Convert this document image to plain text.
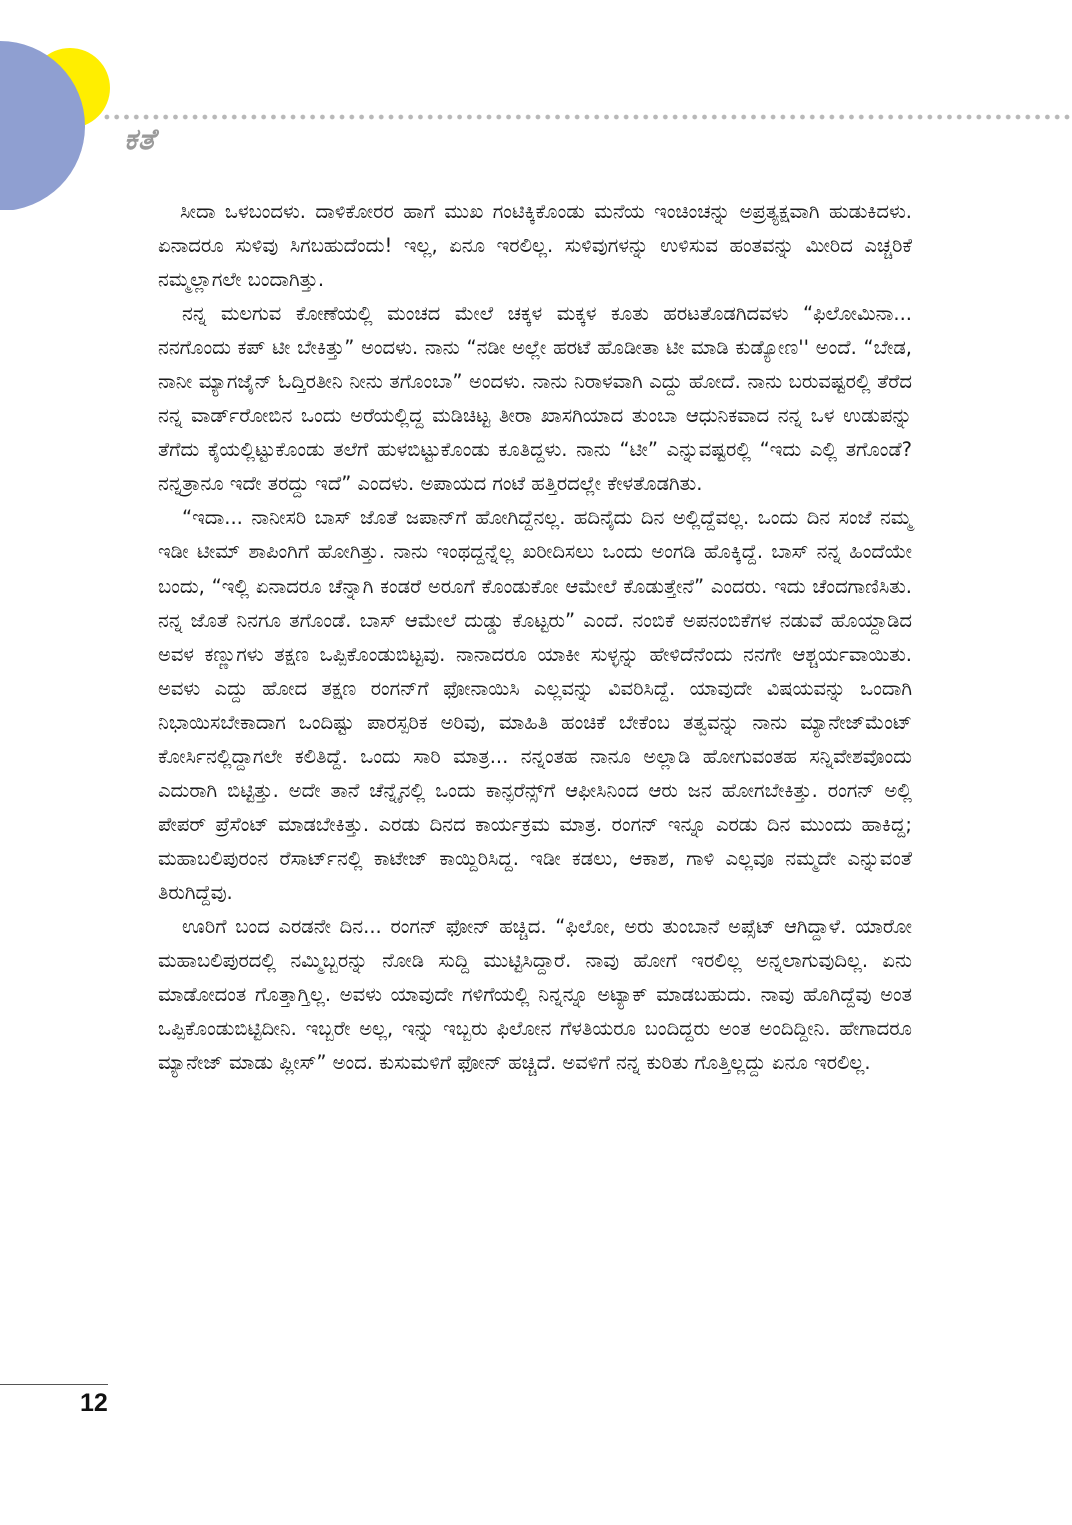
ಕತೆ

ಸೀದಾ ಒಳಬಂದಳು. ದಾಳಿಕೋರರ ಹಾಗೆ ಮುಖ ಗಂಟಿಕ್ಕಿಕೊಂಡು ಮನೆಯ ಇಂಚಿಂಚನ್ನು ಅಪ್ರತ್ಯಕ್ಷವಾಗಿ ಹುಡುಕಿದಳು. ಏನಾದರೂ ಸುಳಿವು ಸಿಗಬಹುದೆಂದು! ಇಲ್ಲ, ಏನೂ ಇರಲಿಲ್ಲ. ಸುಳಿವುಗಳನ್ನು ಉಳಿಸುವ ಹಂತವನ್ನು ಮೀರಿದ ಎಚ್ಚರಿಕೆ ನಮ್ಮಲ್ಲಾಗಲೇ ಬಂದಾಗಿತ್ತು.

ನನ್ನ ಮಲಗುವ ಕೋಣೆಯಲ್ಲಿ ಮಂಚದ ಮೇಲೆ ಚಕ್ಕಳ ಮಕ್ಕಳ ಕೂತು ಹರಟತೊಡಗಿದವಳು “ಫಿಲೋಮಿನಾ... ನನಗೊಂದು ಕಪ್ ಟೀ ಬೇಕಿತ್ತು” ಅಂದಳು. ನಾನು “ನಡೀ ಅಲ್ಲೇ ಹರಟೆ ಹೊಡೀತಾ ಟೀ ಮಾಡಿ ಕುಡ್ಯೋಣ'' ಅಂದೆ. “ಬೇಡ, ನಾನೀ ಮ್ಯಾಗಜೈನ್ ಓದ್ತಿರತೀನಿ ನೀನು ತಗೊಂಬಾ” ಅಂದಳು. ನಾನು ನಿರಾಳವಾಗಿ ಎದ್ದು ಹೋದೆ. ನಾನು ಬರುವಷ್ಟರಲ್ಲಿ ತೆರೆದ ನನ್ನ ವಾರ್ಡ್‌ರೋಬಿನ ಒಂದು ಅರೆಯಲ್ಲಿದ್ದ ಮಡಿಚಿಟ್ಟ ತೀರಾ ಖಾಸಗಿಯಾದ ತುಂಬಾ ಆಧುನಿಕವಾದ ನನ್ನ ಒಳ ಉಡುಪನ್ನು ತೆಗೆದು ಕೈಯಲ್ಲಿಟ್ಟುಕೊಂಡು ತಲೆಗೆ ಹುಳಬಿಟ್ಟುಕೊಂಡು ಕೂತಿದ್ದಳು. ನಾನು “ಟೀ” ಎನ್ನುವಷ್ಟರಲ್ಲಿ “ಇದು ಎಲ್ಲಿ ತಗೊಂಡೆ? ನನ್ನತ್ರಾನೂ ಇದೇ ತರದ್ದು ಇದೆ” ಎಂದಳು. ಅಪಾಯದ ಗಂಟೆ ಹತ್ತಿರದಲ್ಲೇ ಕೇಳತೊಡಗಿತು.

“ಇದಾ... ನಾನೀಸರಿ ಬಾಸ್ ಜೊತೆ ಜಪಾನ್‌ಗೆ ಹೋಗಿದ್ದೆನಲ್ಲ. ಹದಿನೈದು ದಿನ ಅಲ್ಲಿದ್ದೆವಲ್ಲ. ಒಂದು ದಿನ ಸಂಜೆ ನಮ್ಮ ಇಡೀ ಟೀಮ್ ಶಾಪಿಂಗಿಗೆ ಹೋಗಿತ್ತು. ನಾನು ಇಂಥದ್ದನ್ನೆಲ್ಲ ಖರೀದಿಸಲು ಒಂದು ಅಂಗಡಿ ಹೊಕ್ಕಿದ್ದೆ. ಬಾಸ್ ನನ್ನ ಹಿಂದೆಯೇ ಬಂದು, “ಇಲ್ಲಿ ಏನಾದರೂ ಚೆನ್ನಾಗಿ ಕಂಡರೆ ಅರೂಗೆ ಕೊಂಡುಕೋ ಆಮೇಲೆ ಕೊಡುತ್ತೇನೆ” ಎಂದರು. ಇದು ಚೆಂದಗಾಣಿಸಿತು. ನನ್ನ ಜೊತೆ ನಿನಗೂ ತಗೊಂಡೆ. ಬಾಸ್ ಆಮೇಲೆ ದುಡ್ಡು ಕೊಟ್ಟರು” ಎಂದೆ. ನಂಬಿಕೆ ಅಪನಂಬಿಕೆಗಳ ನಡುವೆ ಹೊಯ್ದಾಡಿದ ಅವಳ ಕಣ್ಣುಗಳು ತಕ್ಷಣ ಒಪ್ಪಿಕೊಂಡುಬಿಟ್ಟವು. ನಾನಾದರೂ ಯಾಕೀ ಸುಳ್ಳನ್ನು ಹೇಳಿದೆನೆಂದು ನನಗೇ ಆಶ್ಚರ್ಯವಾಯಿತು. ಅವಳು ಎದ್ದು ಹೋದ ತಕ್ಷಣ ರಂಗನ್‌ಗೆ ಫೋನಾಯಿಸಿ ಎಲ್ಲವನ್ನು ವಿವರಿಸಿದ್ದೆ. ಯಾವುದೇ ವಿಷಯವನ್ನು ಒಂದಾಗಿ ನಿಭಾಯಿಸಬೇಕಾದಾಗ ಒಂದಿಷ್ಟು ಪಾರಸ್ಪರಿಕ ಅರಿವು, ಮಾಹಿತಿ ಹಂಚಿಕೆ ಬೇಕೆಂಬ ತತ್ವವನ್ನು ನಾನು ಮ್ಯಾನೇಜ್‌ಮೆಂಟ್ ಕೋರ್ಸಿನಲ್ಲಿದ್ದಾಗಲೇ ಕಲಿತಿದ್ದೆ. ಒಂದು ಸಾರಿ ಮಾತ್ರ... ನನ್ನಂತಹ ನಾನೂ ಅಲ್ಲಾಡಿ ಹೋಗುವಂತಹ ಸನ್ನಿವೇಶವೊಂದು ಎದುರಾಗಿ ಬಿಟ್ಟಿತ್ತು. ಅದೇ ತಾನೆ ಚೆನ್ನೈನಲ್ಲಿ ಒಂದು ಕಾನ್ಫರೆನ್ಸ್‌ಗೆ ಆಫೀಸಿನಿಂದ ಆರು ಜನ ಹೋಗಬೇಕಿತ್ತು. ರಂಗನ್ ಅಲ್ಲಿ ಪೇಪರ್ ಪ್ರೆಸೆಂಟ್ ಮಾಡಬೇಕಿತ್ತು. ಎರಡು ದಿನದ ಕಾರ್ಯಕ್ರಮ ಮಾತ್ರ. ರಂಗನ್ ಇನ್ನೂ ಎರಡು ದಿನ ಮುಂದು ಹಾಕಿದ್ದ; ಮಹಾಬಲಿಪುರಂನ ರೆಸಾರ್ಟ್‌ನಲ್ಲಿ ಕಾಟೇಜ್ ಕಾಯ್ದಿರಿಸಿದ್ದ. ಇಡೀ ಕಡಲು, ಆಕಾಶ, ಗಾಳಿ ಎಲ್ಲವೂ ನಮ್ಮದೇ ಎನ್ನುವಂತೆ ತಿರುಗಿದ್ದೆವು.

ಊರಿಗೆ ಬಂದ ಎರಡನೇ ದಿನ... ರಂಗನ್ ಫೋನ್ ಹಚ್ಚಿದ. “ಫಿಲೋ, ಅರು ತುಂಬಾನೆ ಅಪ್ಸೆಟ್ ಆಗಿದ್ದಾಳೆ. ಯಾರೋ ಮಹಾಬಲಿಪುರದಲ್ಲಿ ನಮ್ಮಿಬ್ಬರನ್ನು ನೋಡಿ ಸುದ್ದಿ ಮುಟ್ಟಿಸಿದ್ದಾರೆ. ನಾವು ಹೋಗೆ ಇರಲಿಲ್ಲ ಅನ್ನಲಾಗುವುದಿಲ್ಲ. ಏನು ಮಾಡೋದಂತ ಗೊತ್ತಾಗ್ತಿಲ್ಲ. ಅವಳು ಯಾವುದೇ ಗಳಿಗೆಯಲ್ಲಿ ನಿನ್ನನ್ನೂ ಅಟ್ಯಾಕ್ ಮಾಡಬಹುದು. ನಾವು ಹೊಗಿದ್ದೆವು ಅಂತ ಒಪ್ಪಿಕೊಂಡುಬಿಟ್ಟಿದೀನಿ. ಇಬ್ಬರೇ ಅಲ್ಲ, ಇನ್ನು ಇಬ್ಬರು ಫಿಲೋನ ಗೆಳತಿಯರೂ ಬಂದಿದ್ದರು ಅಂತ ಅಂದಿದ್ದೀನಿ. ಹೇಗಾದರೂ ಮ್ಯಾನೇಜ್ ಮಾಡು ಪ್ಲೀಸ್” ಅಂದ. ಕುಸುಮಳಿಗೆ ಫೋನ್ ಹಚ್ಚಿದೆ. ಅವಳಿಗೆ ನನ್ನ ಕುರಿತು ಗೊತ್ತಿಲ್ಲದ್ದು ಏನೂ ಇರಲಿಲ್ಲ.

12
